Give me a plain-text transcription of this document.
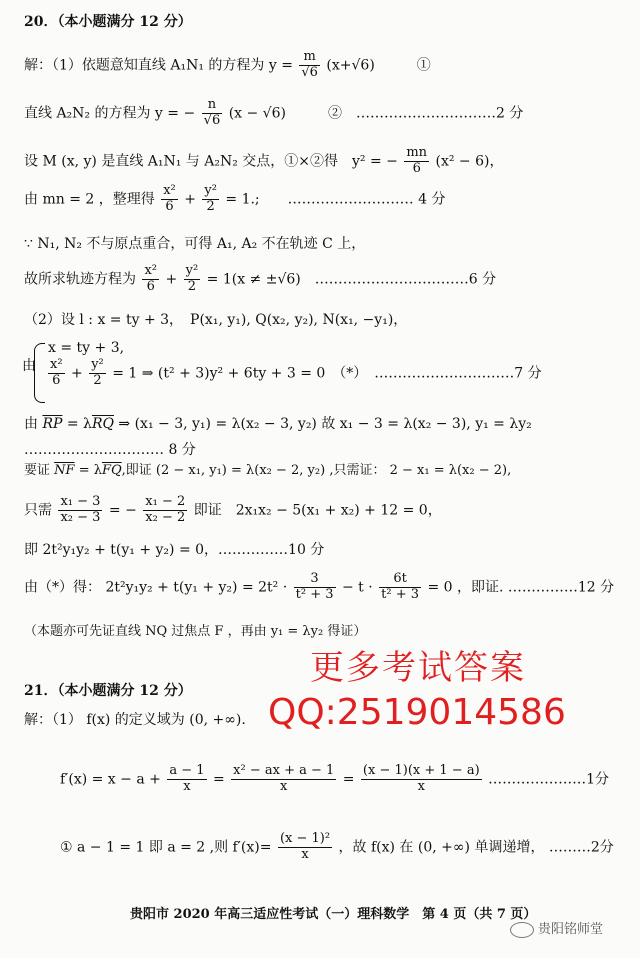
20．（本小题满分 12 分）
解：（1）依题意知直线 A₁N₁ 的方程为 $y = \frac{m}{√6} (x+√6)$　　　①
直线 A₂N₂ 的方程为 y = − $\frac{n}{√6} (x - √6)$　　　②　…………………………2 分
设 M (x, y) 是直线 A₁N₁ 与 A₂N₂ 交点，①×②得　y² = − $\frac{mn}{6} (x^2 - 6)$，
由 mn = 2 ，整理得 $\frac{\text{x²}}{6} + \frac{\text{y²}}{2} = 1$.;　　……………………… 4 分
∵ N₁, N₂ 不与原点重合，可得 A₁, A₂ 不在轨迹 C 上，
故所求轨迹方程为 $\frac{\text{x²}}{6} + \frac{\text{y²}}{2} = 1(x \ne \pm√6)$　……………………………6 分
（2）设 l : x = ty + 3，　P(x₁, y₁), Q(x₂, y₂), N(x₁, −y₁)，
x = ty + 3,
由 $\frac{\text{x²}}{6} + \frac{\text{y²}}{2} = 1$ ⇒ (t² + 3)y² + 6ty + 3 = 0　（*）　…………………………7 分
由 $\overline{RP} = \lambda\overline{RQ}$ ⇒ (x₁ − 3, y₁) = λ(x₂ − 3, y₂) 故 x₁ − 3 = λ(x₂ − 3), y₁ = λy₂
………………………… 8 分
要证 $\overline{NF} = \lambda\overline{FQ}$,即证 (2 − x₁, y₁) = λ(x₂ − 2, y₂) ,只需证： 2 − x₁ = λ(x₂ − 2),
只需 $\frac{\text{x₁ − 3}}{\text{x₂ − 3}}$ = − $\frac{\text{x₁ − 2}}{\text{x₂ − 2}}$ 即证　2x₁x₂ − 5(x₁ + x₂) + 12 = 0，
即 2t²y₁y₂ + t(y₁ + y₂) = 0，……………10 分
由（*）得： $2t^2y_1y_2 + t(y_1 + y_2) = 2t^2 \cdot \frac{3}{\text{t² + 3}} - t \cdot \frac{6t}{\text{t² + 3}} = 0$ ，即证. ……………12 分
（本题亦可先证直线 NQ 过焦点 F ，再由 y₁ = λy₂ 得证）
21．（本小题满分 12 分）
解：（1） f(x) 的定义域为 (0, +∞).
$f'(x) = x - a + \frac{a - 1}{x} = \frac{\text{x² − ax + a − 1}}{x} = \frac{(x - 1)(x + 1 - a)}{x}$ …………………1分
① a − 1 = 1 即 a = 2 ,则 $f'(x)= \frac{\text{(x − 1)²}}{x}$ ，故 f(x) 在 (0, +∞) 单调递增， ………2分
更多考试答案
QQ:2519014586
贵阳市 2020 年高三适应性考试（一）理科数学　第 4 页（共 7 页）
贵阳铭师堂
